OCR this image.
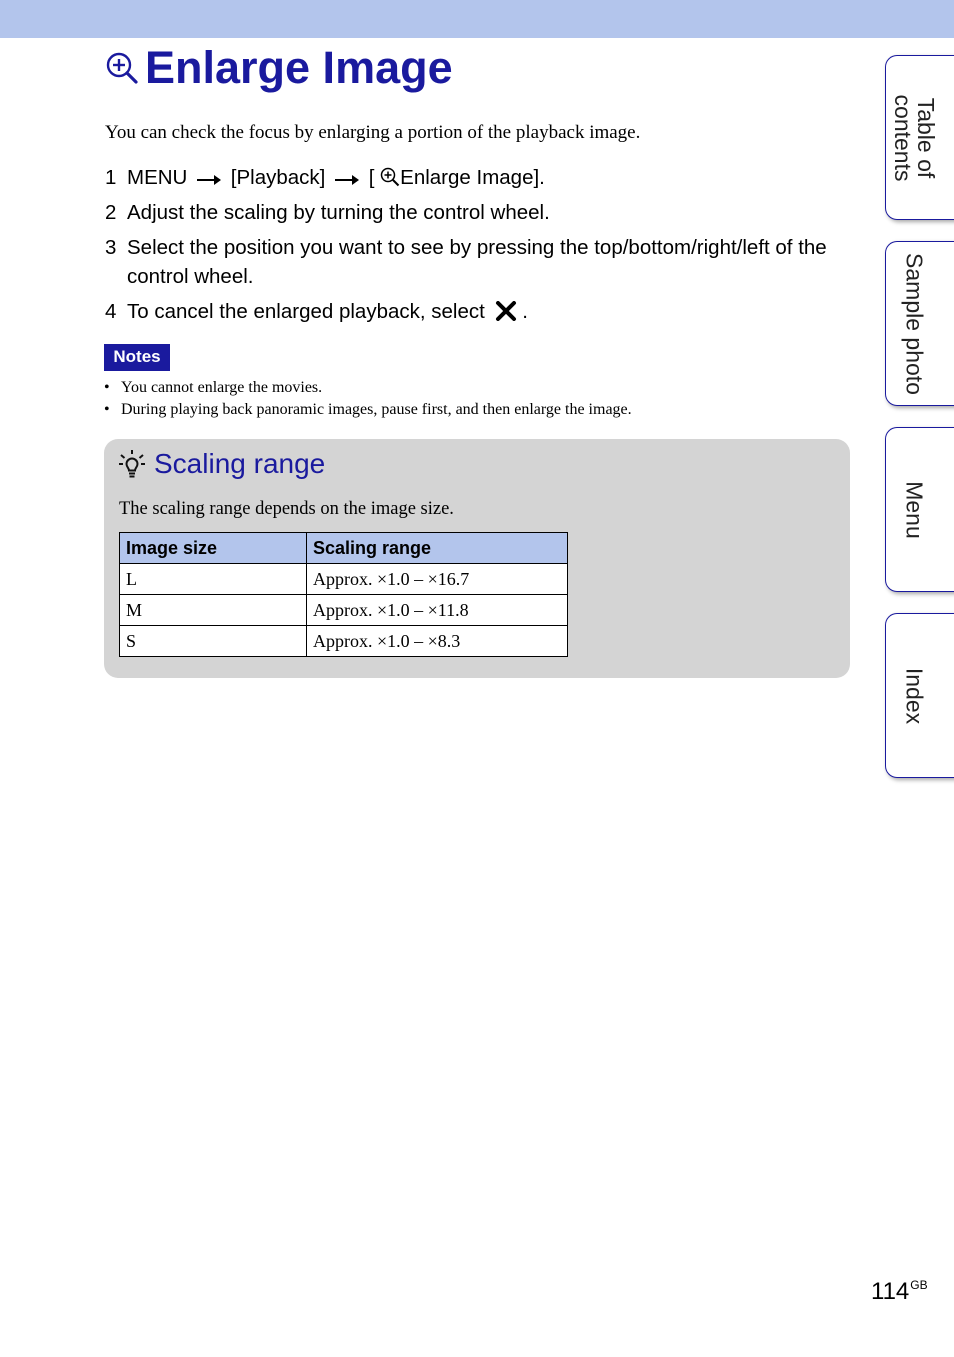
Enlarge Image
You can check the focus by enlarging a portion of the playback image.
1 MENU [Playback] [ Enlarge Image].
2 Adjust the scaling by turning the control wheel.
3 Select the position you want to see by pressing the top/bottom/right/left of the control wheel.
4 To cancel the enlarged playback, select .
Notes
• You cannot enlarge the movies.
• During playing back panoramic images, pause first, and then enlarge the image.
Scaling range
The scaling range depends on the image size.
Image size	Scaling range
L	Approx. ×1.0 – ×16.7
M	Approx. ×1.0 – ×11.8
S	Approx. ×1.0 – ×8.3
Table of
contents
Sample photo
Menu
Index
$114^{GB}$
